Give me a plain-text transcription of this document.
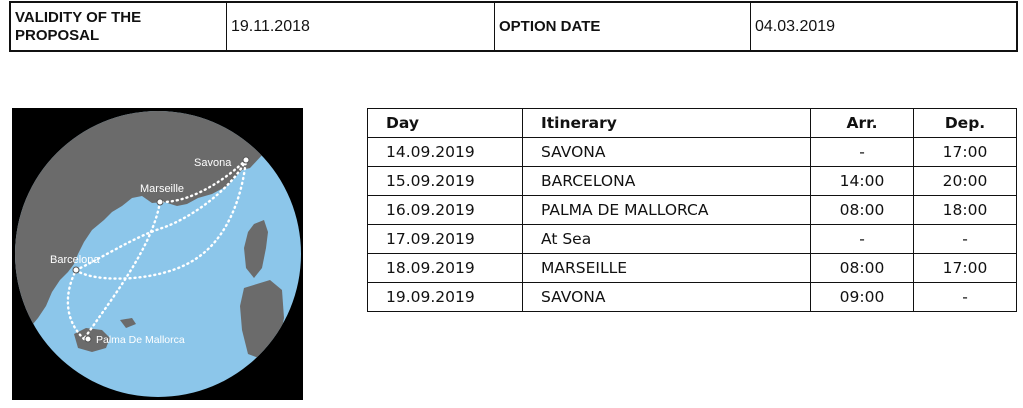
VALIDITY OF THE PROPOSAL
19.11.2018	OPTION DATE	04.03.2019
Savona
Marseille
Barcelona
Palma De Mallorca
Day	Itinerary	Arr.	Dep.
14.09.2019	SAVONA	-	17:00
15.09.2019	BARCELONA	14:00	20:00
16.09.2019	PALMA DE MALLORCA	08:00	18:00
17.09.2019	At Sea	-	-
18.09.2019	MARSEILLE	08:00	17:00
19.09.2019	SAVONA	09:00	-
